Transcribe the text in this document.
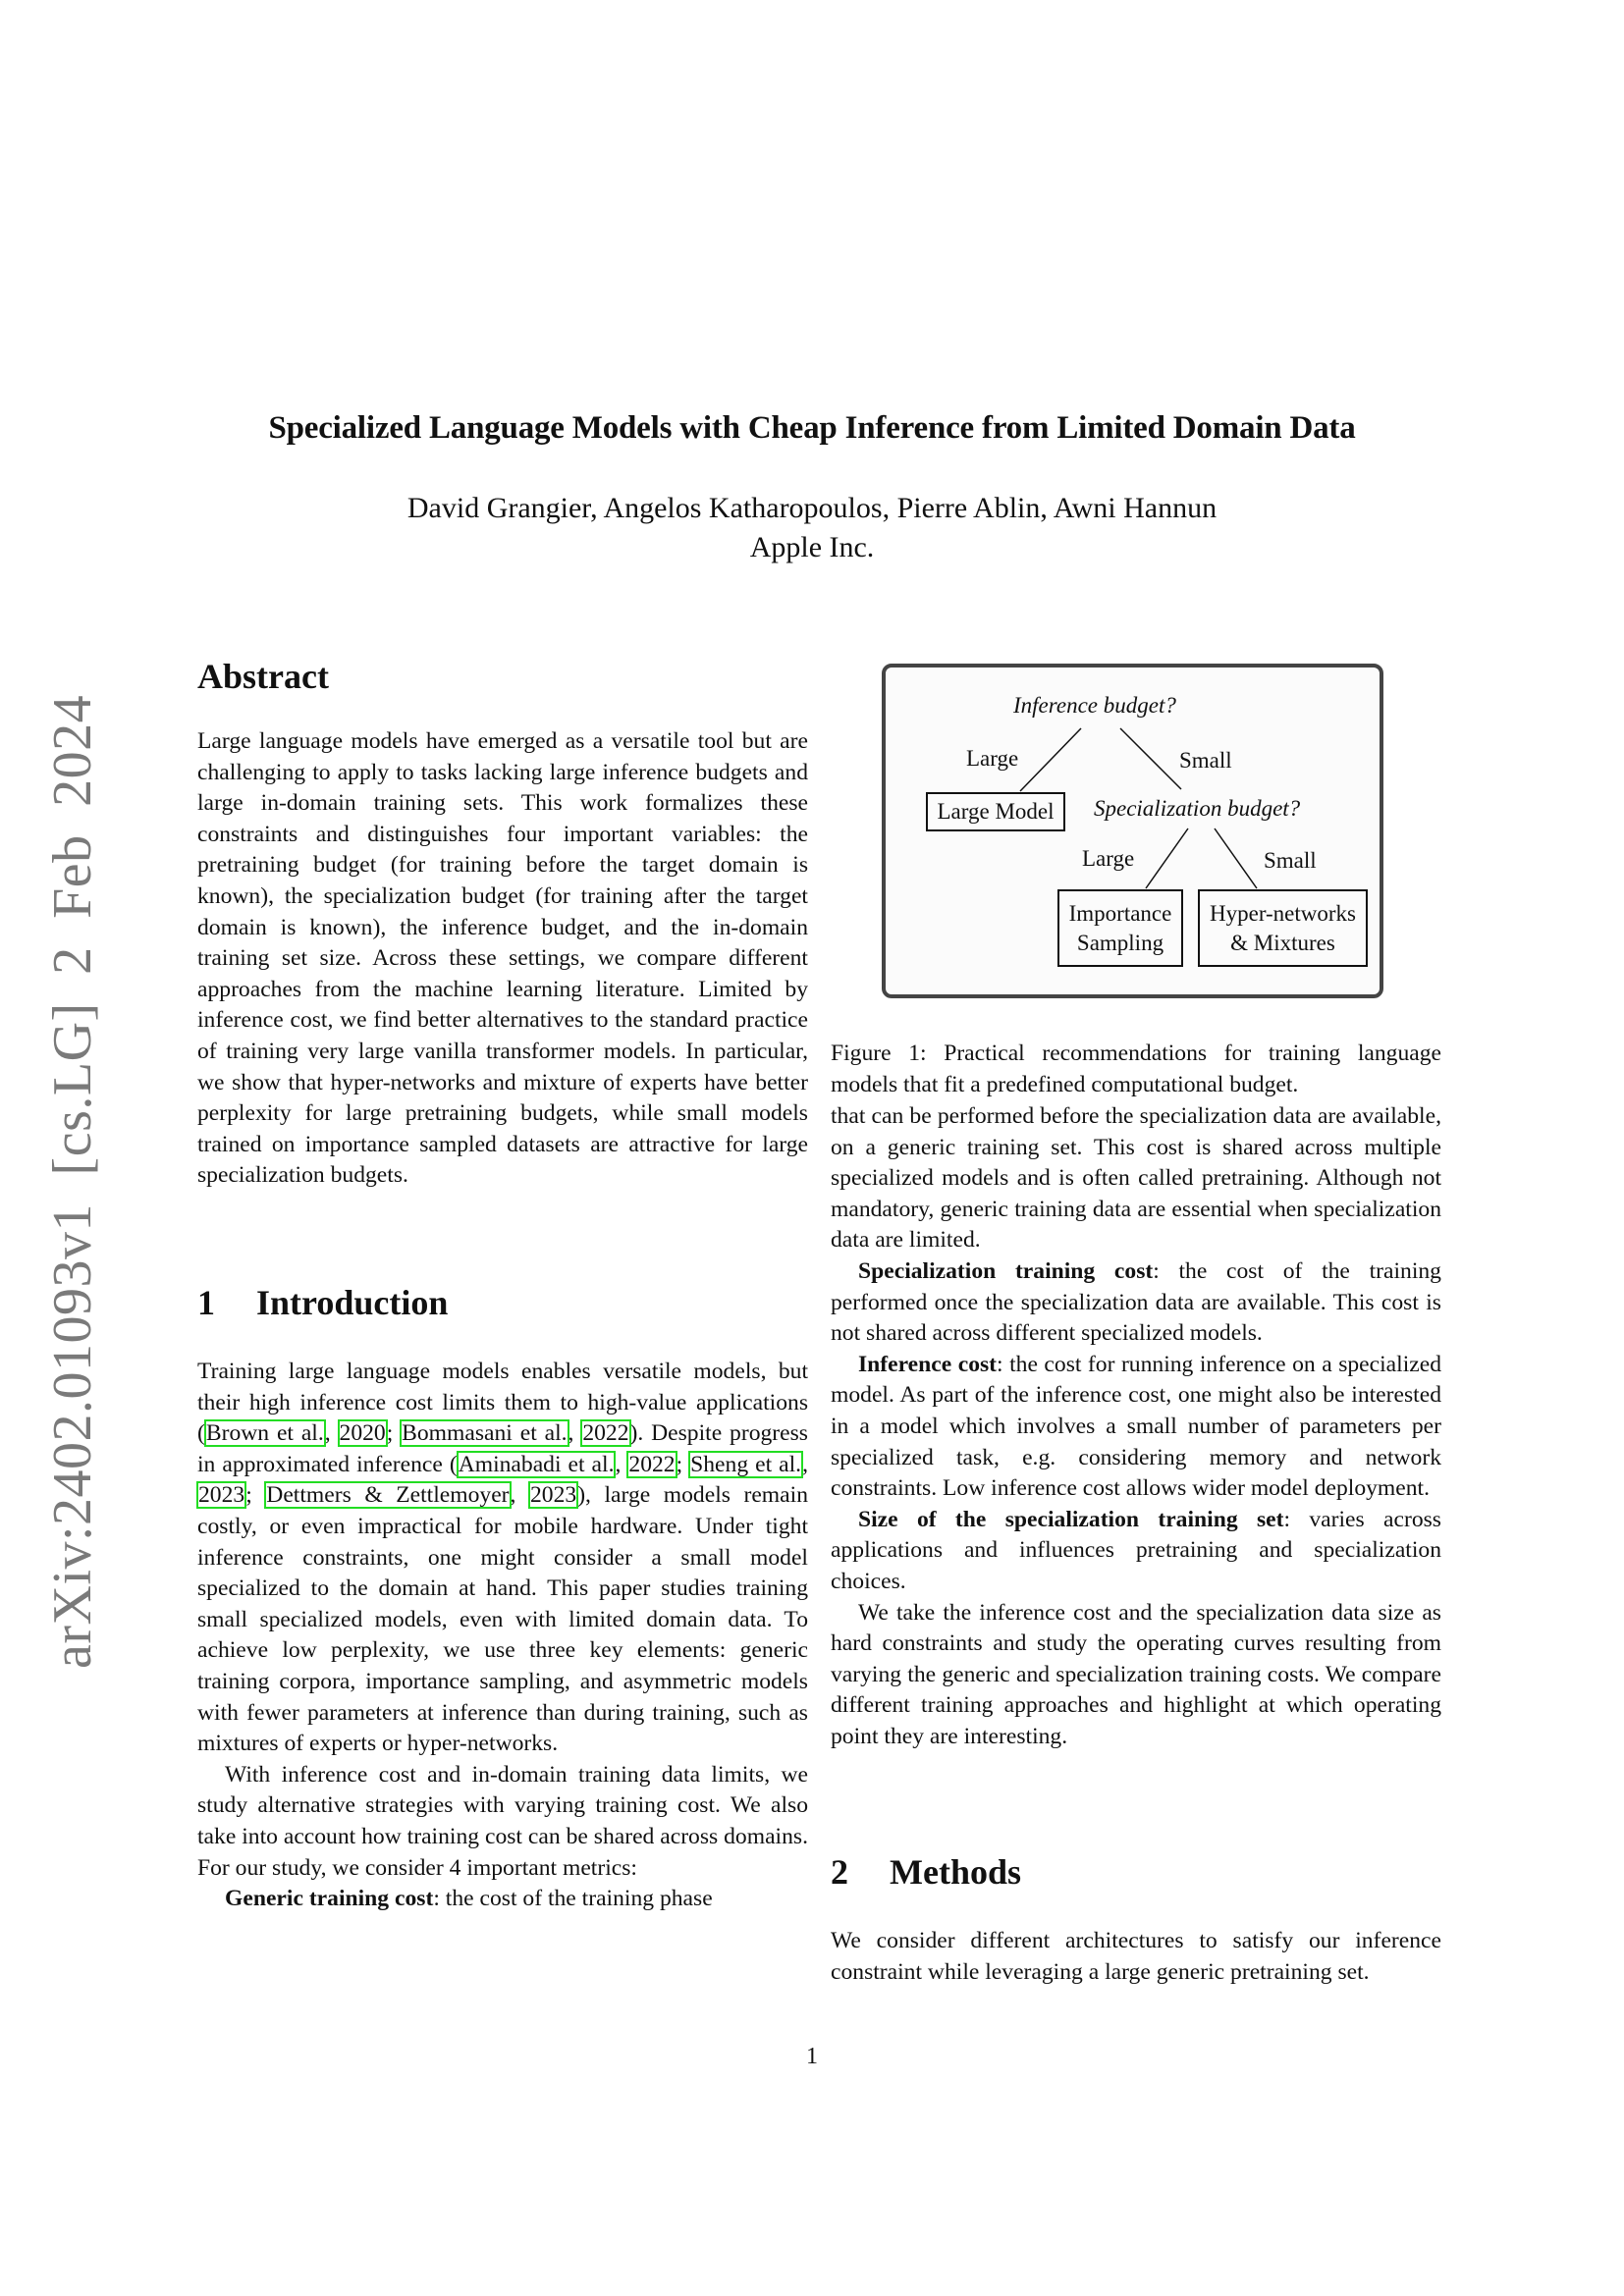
arXiv:2402.01093v1 [cs.LG] 2 Feb 2024
Specialized Language Models with Cheap Inference from Limited Domain Data
David Grangier, Angelos Katharopoulos, Pierre Ablin, Awni Hannun
Apple Inc.
Abstract

Large language models have emerged as a versatile tool but are challenging to apply to tasks lacking large inference budgets and large in-domain training sets. This work formalizes these constraints and distinguishes four important variables: the pretraining budget (for training before the target domain is known), the specialization budget (for training after the target domain is known), the inference budget, and the in-domain training set size. Across these settings, we compare different approaches from the machine learning literature. Limited by inference cost, we find better alternatives to the standard practice of training very large vanilla transformer models. In particular, we show that hyper-networks and mixture of experts have better perplexity for large pretraining budgets, while small models trained on importance sampled datasets are attractive for large specialization budgets.

1 Introduction

Training large language models enables versatile models, but their high inference cost limits them to high-value applications (Brown et al., 2020; Bommasani et al., 2022). Despite progress in approximated inference (Aminabadi et al., 2022; Sheng et al., 2023; Dettmers & Zettlemoyer, 2023), large models remain costly, or even impractical for mobile hardware. Under tight inference constraints, one might consider a small model specialized to the domain at hand. This paper studies training small specialized models, even with limited domain data. To achieve low perplexity, we use three key elements: generic training corpora, importance sampling, and asymmetric models with fewer parameters at inference than during training, such as mixtures of experts or hyper-networks.

With inference cost and in-domain training data limits, we study alternative strategies with varying training cost. We also take into account how training cost can be shared across domains. For our study, we consider 4 important metrics:

Generic training cost: the cost of the training phase

Inference budget?
Large	Small
Large Model	Specialization budget?
Large	Small
Importance
Sampling
Hyper-networks
& Mixtures
Figure 1: Practical recommendations for training language models that fit a predefined computational budget.

that can be performed before the specialization data are available, on a generic training set. This cost is shared across multiple specialized models and is often called pretraining. Although not mandatory, generic training data are essential when specialization data are limited.

Specialization training cost: the cost of the training performed once the specialization data are available. This cost is not shared across different specialized models.

Inference cost: the cost for running inference on a specialized model. As part of the inference cost, one might also be interested in a model which involves a small number of parameters per specialized task, e.g. considering memory and network constraints. Low inference cost allows wider model deployment.

Size of the specialization training set: varies across applications and influences pretraining and specialization choices.

We take the inference cost and the specialization data size as hard constraints and study the operating curves resulting from varying the generic and specialization training costs. We compare different training approaches and highlight at which operating point they are interesting.

2 Methods

We consider different architectures to satisfy our inference constraint while leveraging a large generic pretraining set.

1
